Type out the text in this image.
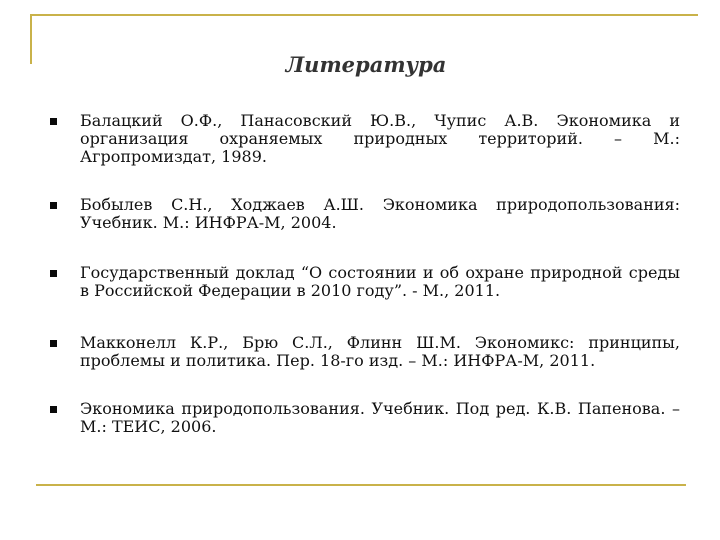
Литература
Балацкий О.Ф., Панасовский Ю.В., Чупис А.В. Экономика и организация охраняемых природных территорий. – М.: Агропромиздат, 1989.
Бобылев С.Н., Ходжаев А.Ш. Экономика природопользования: Учебник. М.: ИНФРА-М, 2004.
Государственный доклад “О состоянии и об охране природной среды в Российской Федерации в 2010 году”. - М., 2011.
Макконелл К.Р., Брю С.Л., Флинн Ш.М. Экономикс: принципы, проблемы и политика. Пер. 18-го изд. – М.: ИНФРА-М, 2011.
Экономика природопользования. Учебник. Под ред. К.В. Папенова. – М.: ТЕИС, 2006.
